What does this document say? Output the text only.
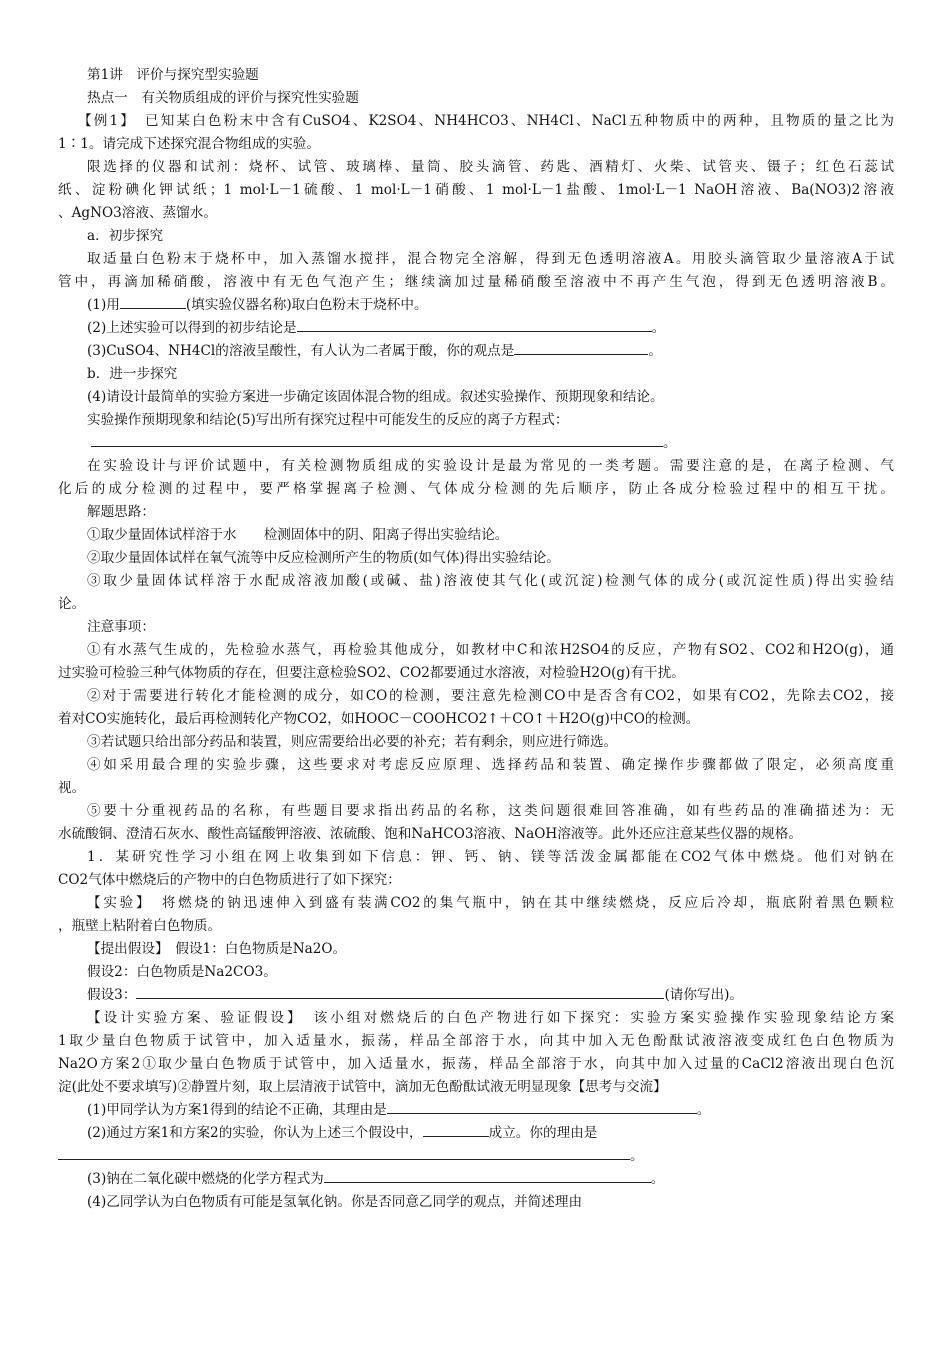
第1讲　评价与探究型实验题
热点一　有关物质组成的评价与探究性实验题
【例1】　已知某白色粉末中含有CuSO4、K2SO4、NH4HCO3、NH4Cl、NaCl五种物质中的两种，且物质的量之比为
1∶1。请完成下述探究混合物组成的实验。
限选择的仪器和试剂：烧杯、试管、玻璃棒、量筒、胶头滴管、药匙、酒精灯、火柴、试管夹、镊子；红色石蕊试
纸、淀粉碘化钾试纸；1 mol·L－1硫酸、1 mol·L－1硝酸、1 mol·L－1盐酸、1mol·L－1 NaOH溶液、Ba(NO3)2溶液
、AgNO3溶液、蒸馏水。
a．初步探究
取适量白色粉末于烧杯中，加入蒸馏水搅拌，混合物完全溶解，得到无色透明溶液A。用胶头滴管取少量溶液A于试
管中，再滴加稀硝酸，溶液中有无色气泡产生；继续滴加过量稀硝酸至溶液中不再产生气泡，得到无色透明溶液B。
(1)用	(填实验仪器名称)取白色粉末于烧杯中。
(2)上述实验可以得到的初步结论是	。
(3)CuSO4、NH4Cl的溶液呈酸性，有人认为二者属于酸，你的观点是	。
b．进一步探究
(4)请设计最简单的实验方案进一步确定该固体混合物的组成。叙述实验操作、预期现象和结论。
实验操作预期现象和结论(5)写出所有探究过程中可能发生的反应的离子方程式：
。
在实验设计与评价试题中，有关检测物质组成的实验设计是最为常见的一类考题。需要注意的是，在离子检测、气
化后的成分检测的过程中，要严格掌握离子检测、气体成分检测的先后顺序，防止各成分检验过程中的相互干扰。
解题思路：
①取少量固体试样溶于水　　检测固体中的阴、阳离子得出实验结论。
②取少量固体试样在氧气流等中反应检测所产生的物质(如气体)得出实验结论。
③取少量固体试样溶于水配成溶液加酸(或碱、盐)溶液使其气化(或沉淀)检测气体的成分(或沉淀性质)得出实验结
论。
注意事项：
①有水蒸气生成的，先检验水蒸气，再检验其他成分，如教材中C和浓H2SO4的反应，产物有SO2、CO2和H2O(g)，通
过实验可检验三种气体物质的存在，但要注意检验SO2、CO2都要通过水溶液，对检验H2O(g)有干扰。
②对于需要进行转化才能检测的成分，如CO的检测，要注意先检测CO中是否含有CO2，如果有CO2，先除去CO2，接
着对CO实施转化，最后再检测转化产物CO2，如HOOC－COOHCO2↑＋CO↑＋H2O(g)中CO的检测。
③若试题只给出部分药品和装置，则应需要给出必要的补充；若有剩余，则应进行筛选。
④如采用最合理的实验步骤，这些要求对考虑反应原理、选择药品和装置、确定操作步骤都做了限定，必须高度重
视。
⑤要十分重视药品的名称，有些题目要求指出药品的名称，这类问题很难回答准确，如有些药品的准确描述为：无
水硫酸铜、澄清石灰水、酸性高锰酸钾溶液、浓硫酸、饱和NaHCO3溶液、NaOH溶液等。此外还应注意某些仪器的规格。
1．某研究性学习小组在网上收集到如下信息：钾、钙、钠、镁等活泼金属都能在CO2气体中燃烧。他们对钠在
CO2气体中燃烧后的产物中的白色物质进行了如下探究：
【实验】　将燃烧的钠迅速伸入到盛有装满CO2的集气瓶中，钠在其中继续燃烧，反应后冷却，瓶底附着黑色颗粒
，瓶壁上粘附着白色物质。
【提出假设】　假设1：白色物质是Na2O。
假设2：白色物质是Na2CO3。
假设3：	(请你写出)。
【设计实验方案、验证假设】　该小组对燃烧后的白色产物进行如下探究：实验方案实验操作实验现象结论方案
1取少量白色物质于试管中，加入适量水，振荡，样品全部溶于水，向其中加入无色酚酞试液溶液变成红色白色物质为
Na2O方案2①取少量白色物质于试管中，加入适量水，振荡，样品全部溶于水，向其中加入过量的CaCl2溶液出现白色沉
淀(此处不要求填写)②静置片刻，取上层清液于试管中，滴加无色酚酞试液无明显现象【思考与交流】
(1)甲同学认为方案1得到的结论不正确，其理由是	。
(2)通过方案1和方案2的实验，你认为上述三个假设中，	成立。你的理由是
。
(3)钠在二氧化碳中燃烧的化学方程式为	。
(4)乙同学认为白色物质有可能是氢氧化钠。你是否同意乙同学的观点，并简述理由
